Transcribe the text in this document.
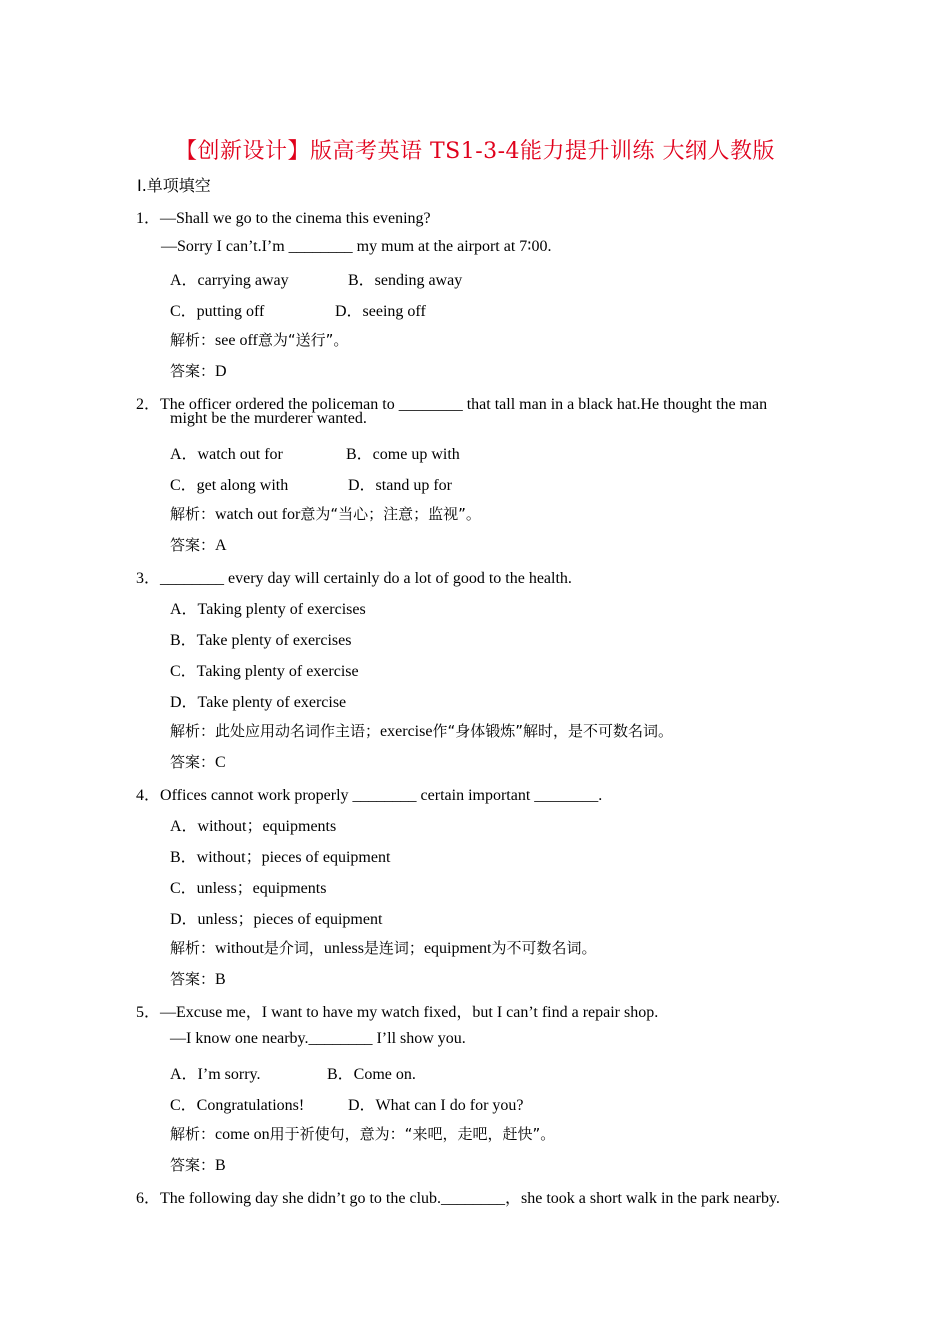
【创新设计】版高考英语 TS1-3-4能力提升训练 大纲人教版
Ⅰ.单项填空
1．—Shall we go to the cinema this evening?
—Sorry I can’t.I’m ________ my mum at the airport at 7∶00.
A．carrying away	B．sending away
C．putting off	D．seeing off
解析：see off意为“送行”。
答案：D
2．The officer ordered the policeman to ________ that tall man in a black hat.He thought the man
might be the murderer wanted.
A．watch out for	B．come up with
C．get along with	D．stand up for
解析：watch out for意为“当心；注意；监视”。
答案：A
3．________ every day will certainly do a lot of good to the health.
A．Taking plenty of exercises
B．Take plenty of exercises
C．Taking plenty of exercise
D．Take plenty of exercise
解析：此处应用动名词作主语；exercise作“身体锻炼”解时，是不可数名词。
答案：C
4．Offices cannot work properly ________ certain important ________.
A．without；equipments
B．without；pieces of equipment
C．unless；equipments
D．unless；pieces of equipment
解析：without是介词，unless是连词；equipment为不可数名词。
答案：B
5．—Excuse me，I want to have my watch fixed，but I can’t find a repair shop.
—I know one nearby.________ I’ll show you.
A．I’m sorry.	B．Come on.
C．Congratulations!	D．What can I do for you?
解析：come on用于祈使句，意为：“来吧，走吧，赶快”。
答案：B
6．The following day she didn’t go to the club.________，she took a short walk in the park nearby.
